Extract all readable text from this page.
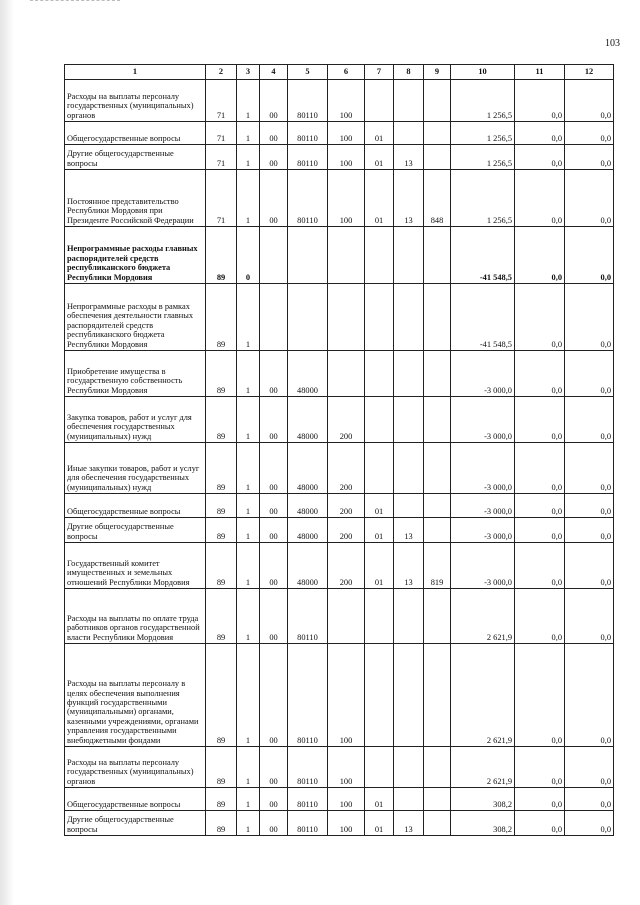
103
1	2	3	4	5	6	7	8	9	10	11	12
Расходы на выплаты персоналу государственных (муниципальных) органов	71	1	00	80110	100				1 256,5	0,0	0,0
Общегосударственные вопросы	71	1	00	80110	100	01			1 256,5	0,0	0,0
Другие общегосударственные вопросы	71	1	00	80110	100	01	13		1 256,5	0,0	0,0
Постоянное представительство Республики Мордовия при Президенте Российской Федерации	71	1	00	80110	100	01	13	848	1 256,5	0,0	0,0
Непрограммные расходы главных распорядителей средств республиканского бюджета Республики Мордовия	89	0							-41 548,5	0,0	0,0
Непрограммные расходы в рамках обеспечения деятельности главных распорядителей средств республиканского бюджета Республики Мордовия	89	1							-41 548,5	0,0	0,0
Приобретение имущества в государственную собственность Республики Мордовия	89	1	00	48000					-3 000,0	0,0	0,0
Закупка товаров, работ и услуг для обеспечения государственных (муниципальных) нужд	89	1	00	48000	200				-3 000,0	0,0	0,0
Иные закупки товаров, работ и услуг для обеспечения государственных (муниципальных) нужд	89	1	00	48000	200				-3 000,0	0,0	0,0
Общегосударственные вопросы	89	1	00	48000	200	01			-3 000,0	0,0	0,0
Другие общегосударственные вопросы	89	1	00	48000	200	01	13		-3 000,0	0,0	0,0
Государственный комитет имущественных и земельных отношений Республики Мордовия	89	1	00	48000	200	01	13	819	-3 000,0	0,0	0,0
Расходы на выплаты по оплате труда работников органов государственной власти Республики Мордовия	89	1	00	80110					2 621,9	0,0	0,0
Расходы на выплаты персоналу в целях обеспечения выполнения функций государственными (муниципальными) органами, казенными учреждениями, органами управления государственными внебюджетными фондами	89	1	00	80110	100				2 621,9	0,0	0,0
Расходы на выплаты персоналу государственных (муниципальных) органов	89	1	00	80110	100				2 621,9	0,0	0,0
Общегосударственные вопросы	89	1	00	80110	100	01			308,2	0,0	0,0
Другие общегосударственные вопросы	89	1	00	80110	100	01	13		308,2	0,0	0,0
